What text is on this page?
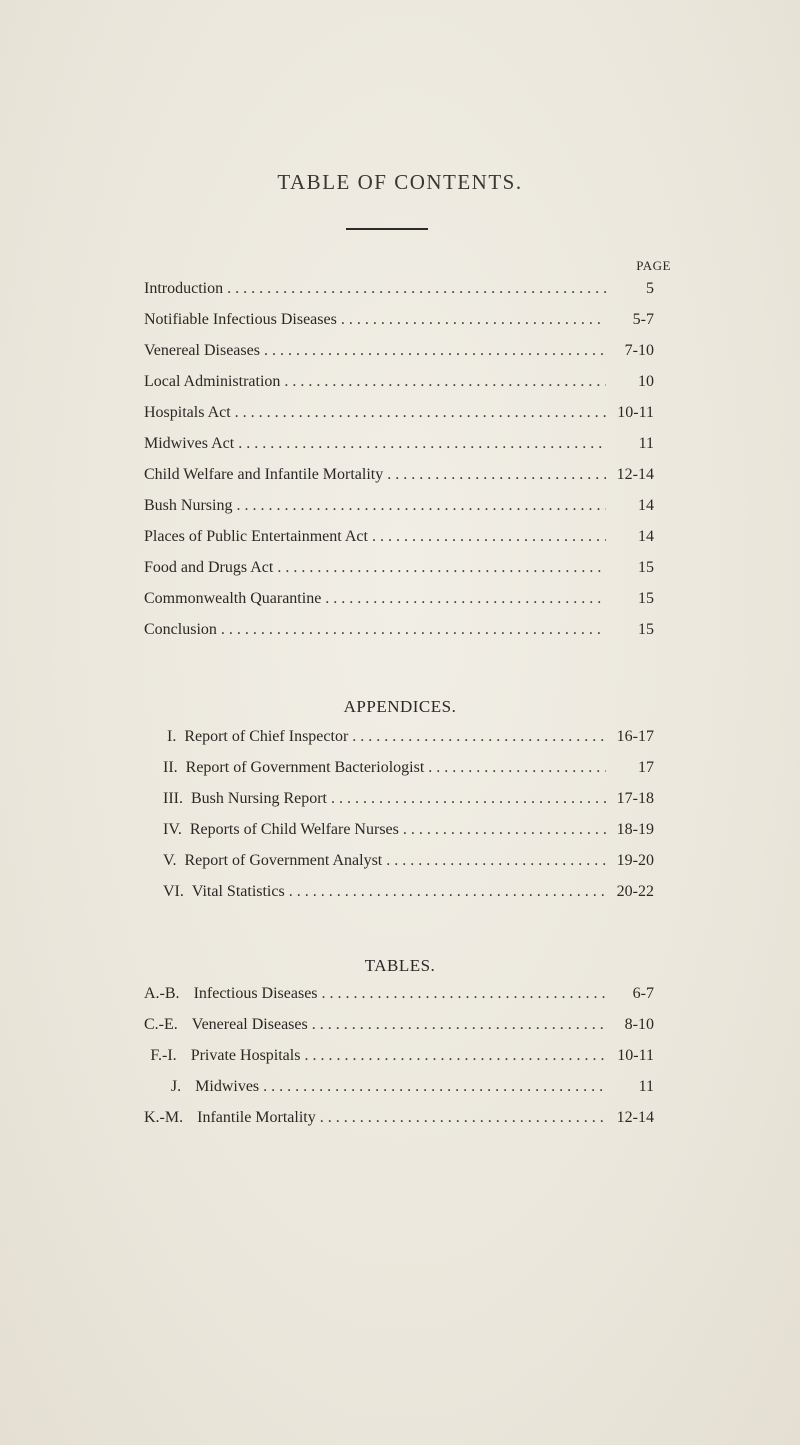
TABLE OF CONTENTS.
PAGE
Introduction . . .	5
Notifiable Infectious Diseases . . .	5-7
Venereal Diseases . . .	7-10
Local Administration . . .	10
Hospitals Act . . .	10-11
Midwives Act . . .	11
Child Welfare and Infantile Mortality . . .	12-14
Bush Nursing . . .	14
Places of Public Entertainment Act . . .	14
Food and Drugs Act . . .	15
Commonwealth Quarantine . . .	15
Conclusion . . .	15
APPENDICES.
I. Report of Chief Inspector . . .	16-17
II. Report of Government Bacteriologist . . .	17
III. Bush Nursing Report . . .	17-18
IV. Reports of Child Welfare Nurses . . .	18-19
V. Report of Government Analyst . . .	19-20
VI. Vital Statistics . . .	20-22
TABLES.
A.-B. Infectious Diseases . . .	6-7
C.-E. Venereal Diseases . . .	8-10
F.-I. Private Hospitals . . .	10-11
J. Midwives . . .	11
K.-M. Infantile Mortality . . .	12-14
